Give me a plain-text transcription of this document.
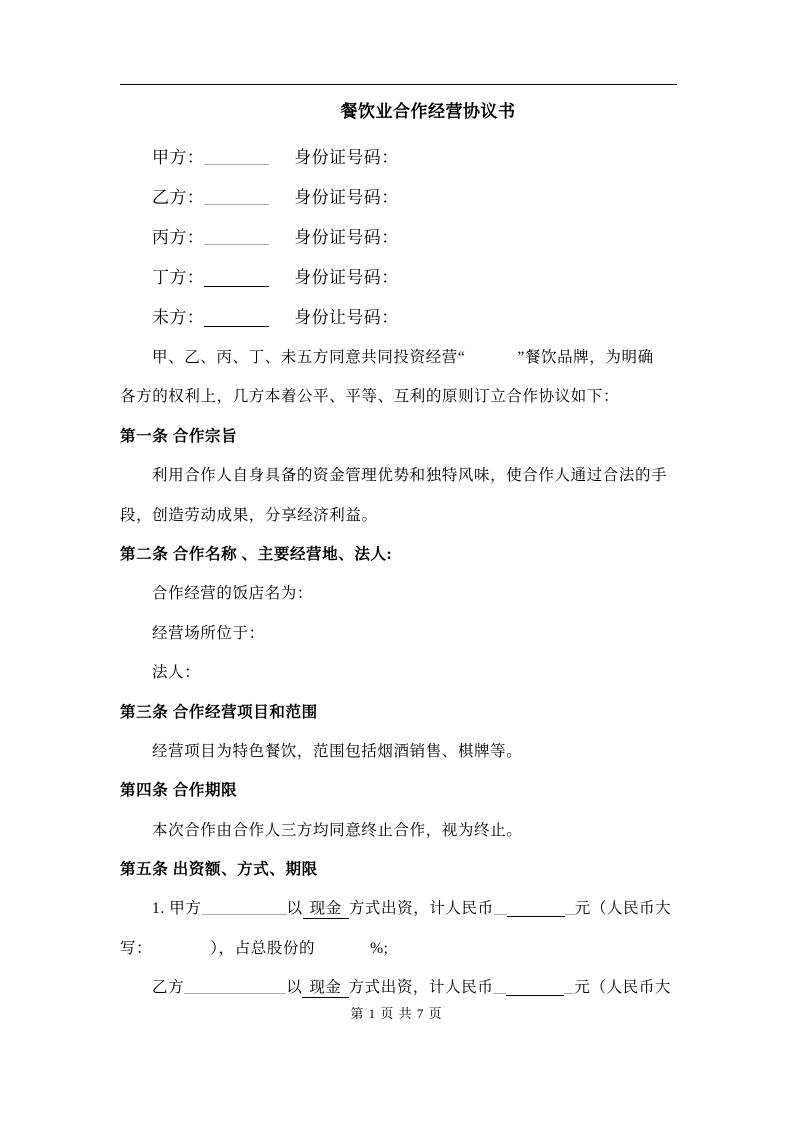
餐饮业合作经营协议书
甲方：	身份证号码：
乙方：	身份证号码：
丙方：	身份证号码：
丁方：	身份证号码：
未方：	身份让号码：
甲、乙、丙、丁、未五方同意共同投资经营“	”餐饮品牌，为明确
各方的权利上，几方本着公平、平等、互利的原则订立合作协议如下：
第一条 合作宗旨
利用合作人自身具备的资金管理优势和独特风味，使合作人通过合法的手
段，创造劳动成果，分享经济利益。
第二条 合作名称 、主要经营地、法人:
合作经营的饭店名为：
经营场所位于：
法人：
第三条 合作经营项目和范围
经营项目为特色餐饮，范围包括烟酒销售、棋牌等。
第四条 合作期限
本次合作由合作人三方均同意终止合作，视为终止。
第五条 出资额、方式、期限
1. 甲方	以 现金 方式出资，计人民币	元（人民币大
写：	），占总股份的	%;
乙方	以 现金 方式出资，计人民币	元（人民币大
第 1 页 共 7 页
